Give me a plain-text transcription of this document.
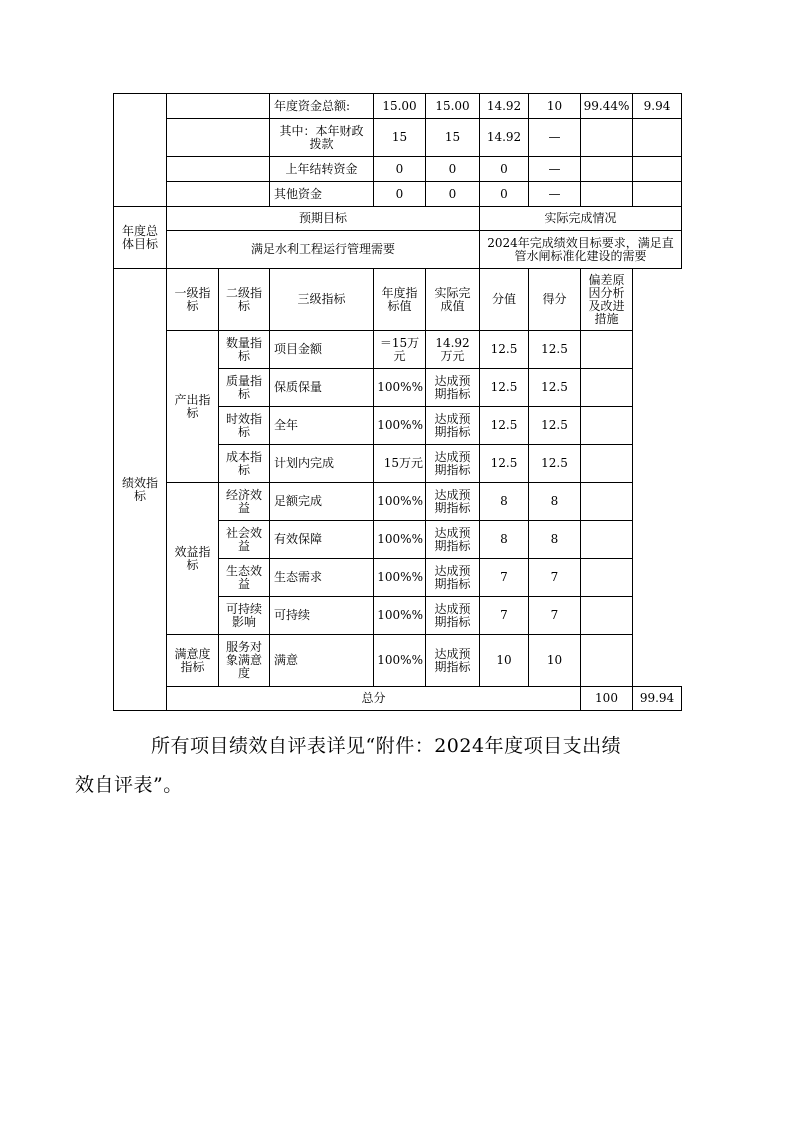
			年度资金总额:	15.00	15.00	14.92	10	99.44%	9.94	
			其中：本年财政拨款	15	15	14.92	—			
			上年结转资金	0	0	0	—			
			其他资金	0	0	0	—			
年度总体目标	预期目标					实际完成情况				
	满足水利工程运行管理需要					2024年完成绩效目标要求，满足直管水闸标准化建设的需要				
绩效指标	一级指标	二级指标	三级指标	年度指标值	实际完成值	分值	得分	偏差原因分析及改进措施		
	产出指标	数量指标	项目金额	＝15万元	14.92万元	12.5	12.5			
		质量指标	保质保量	100%%	达成预期指标	12.5	12.5			
		时效指标	全年	100%%	达成预期指标	12.5	12.5			
		成本指标	计划内完成	15万元	达成预期指标	12.5	12.5			
	效益指标	经济效益	足额完成	100%%	达成预期指标	8	8			
		社会效益	有效保障	100%%	达成预期指标	8	8			
		生态效益	生态需求	100%%	达成预期指标	7	7			
		可持续影响	可持续	100%%	达成预期指标	7	7			
	满意度指标	服务对象满意度	满意	100%%	达成预期指标	10	10			
	总分							100	99.94	

所有项目绩效自评表详见“附件：2024年度项目支出绩
效自评表”。
